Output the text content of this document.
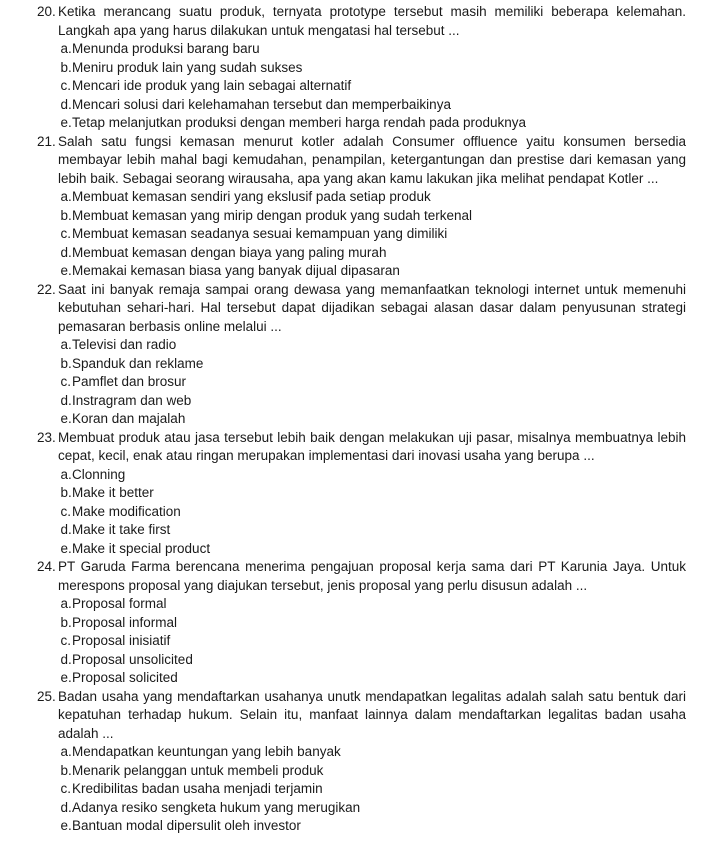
20. Ketika merancang suatu produk, ternyata prototype tersebut masih memiliki beberapa kelemahan. Langkah apa yang harus dilakukan untuk mengatasi hal tersebut ...
a. Menunda produksi barang baru
b. Meniru produk lain yang sudah sukses
c. Mencari ide produk yang lain sebagai alternatif
d. Mencari solusi dari kelehamahan tersebut dan memperbaikinya
e. Tetap melanjutkan produksi dengan memberi harga rendah pada produknya
21. Salah satu fungsi kemasan menurut kotler adalah Consumer offluence yaitu konsumen bersedia membayar lebih mahal bagi kemudahan, penampilan, ketergantungan dan prestise dari kemasan yang lebih baik. Sebagai seorang wirausaha, apa yang akan kamu lakukan jika melihat pendapat Kotler ...
a. Membuat kemasan sendiri yang ekslusif pada setiap produk
b. Membuat kemasan yang mirip dengan produk yang sudah terkenal
c. Membuat kemasan seadanya sesuai kemampuan yang dimiliki
d. Membuat kemasan dengan biaya yang paling murah
e. Memakai kemasan biasa yang banyak dijual dipasaran
22. Saat ini banyak remaja sampai orang dewasa yang memanfaatkan teknologi internet untuk memenuhi kebutuhan sehari-hari. Hal tersebut dapat dijadikan sebagai alasan dasar dalam penyusunan strategi pemasaran berbasis online melalui ...
a. Televisi dan radio
b. Spanduk dan reklame
c. Pamflet dan brosur
d. Instragram dan web
e. Koran dan majalah
23. Membuat produk atau jasa tersebut lebih baik dengan melakukan uji pasar, misalnya membuatnya lebih cepat, kecil, enak atau ringan merupakan implementasi dari inovasi usaha yang berupa ...
a. Clonning
b. Make it better
c. Make modification
d. Make it take first
e. Make it special product
24. PT Garuda Farma berencana menerima pengajuan proposal kerja sama dari PT Karunia Jaya. Untuk merespons proposal yang diajukan tersebut, jenis proposal yang perlu disusun adalah ...
a. Proposal formal
b. Proposal informal
c. Proposal inisiatif
d. Proposal unsolicited
e. Proposal solicited
25. Badan usaha yang mendaftarkan usahanya unutk mendapatkan legalitas adalah salah satu bentuk dari kepatuhan terhadap hukum. Selain itu, manfaat lainnya dalam mendaftarkan legalitas badan usaha adalah ...
a. Mendapatkan keuntungan yang lebih banyak
b. Menarik pelanggan untuk membeli produk
c. Kredibilitas badan usaha menjadi terjamin
d. Adanya resiko sengketa hukum yang merugikan
e. Bantuan modal dipersulit oleh investor
